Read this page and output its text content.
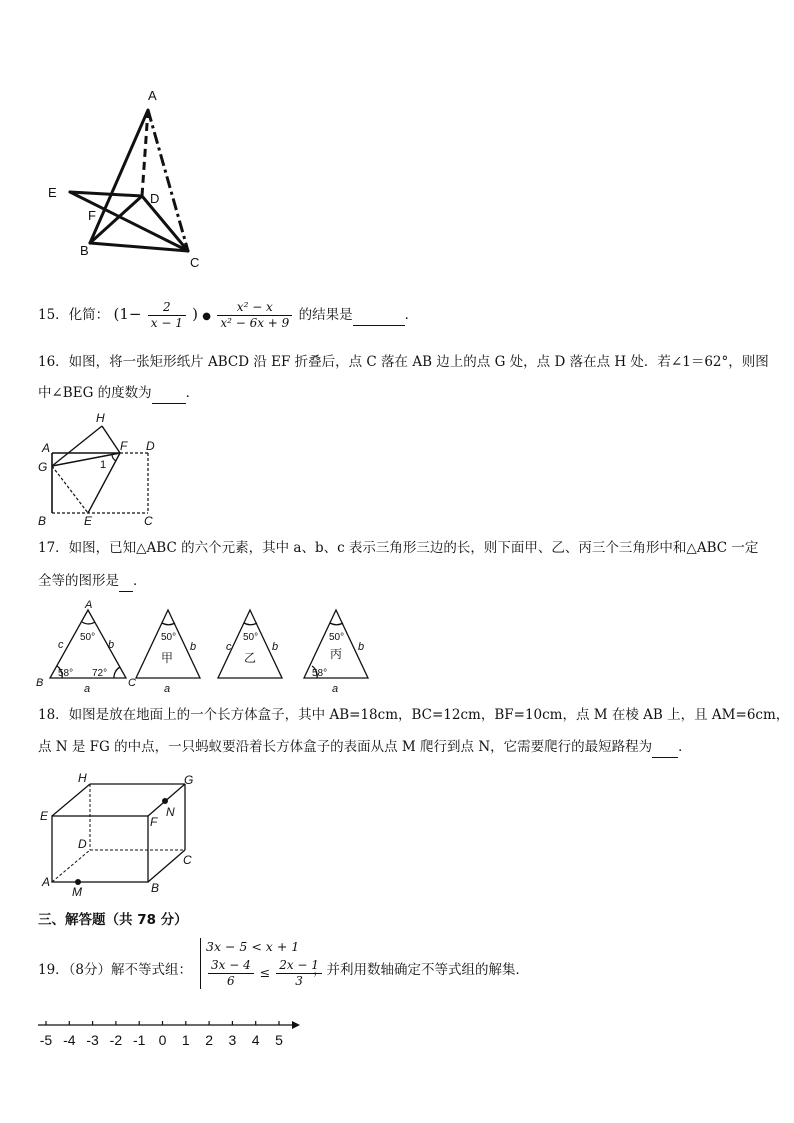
A
B
C
D
E
F
15．化简： ($1- \frac{2}{x - 1}$ ) ● $\frac{\text{x² − x}}{\text{x² − 6x + 9}}$ 的结果是	．
16．如图，将一张矩形纸片 ABCD 沿 EF 折叠后，点 C 落在 AB 边上的点 G 处，点 D 落在点 H 处．若∠1＝62°，则图
中∠BEG 的度数为	．
A
G
B	E	C
D
F
H
1
17．如图，已知△ABC 的六个元素，其中 a、b、c 表示三角形三边的长，则下面甲、乙、丙三个三角形中和△ABC 一定
全等的图形是 ．
A
B	C
c	b
a
50°
58° 72°
50°
甲
b
a
50°
乙
c	b
50°
丙 b
58°
a
18．如图是放在地面上的一个长方体盒子，其中 AB=18cm，BC=12cm，BF=10cm，点 M 在棱 AB 上，且 AM=6cm，
点 N 是 FG 的中点，一只蚂蚁要沿着长方体盒子的表面从点 M 爬行到点 N，它需要爬行的最短路程为 ．
A	B
C
D
E	F
G
H
M
N
三、解答题（共 78 分）
19．（8分）解不等式组：
3x − 5 < x + 1
$\frac{3x - 4}{6} \le \frac{2x - 1}{3}$
，并利用数轴确定不等式组的解集．
-5 -4 -3 -2 -1 0 1 2 3 4 5
